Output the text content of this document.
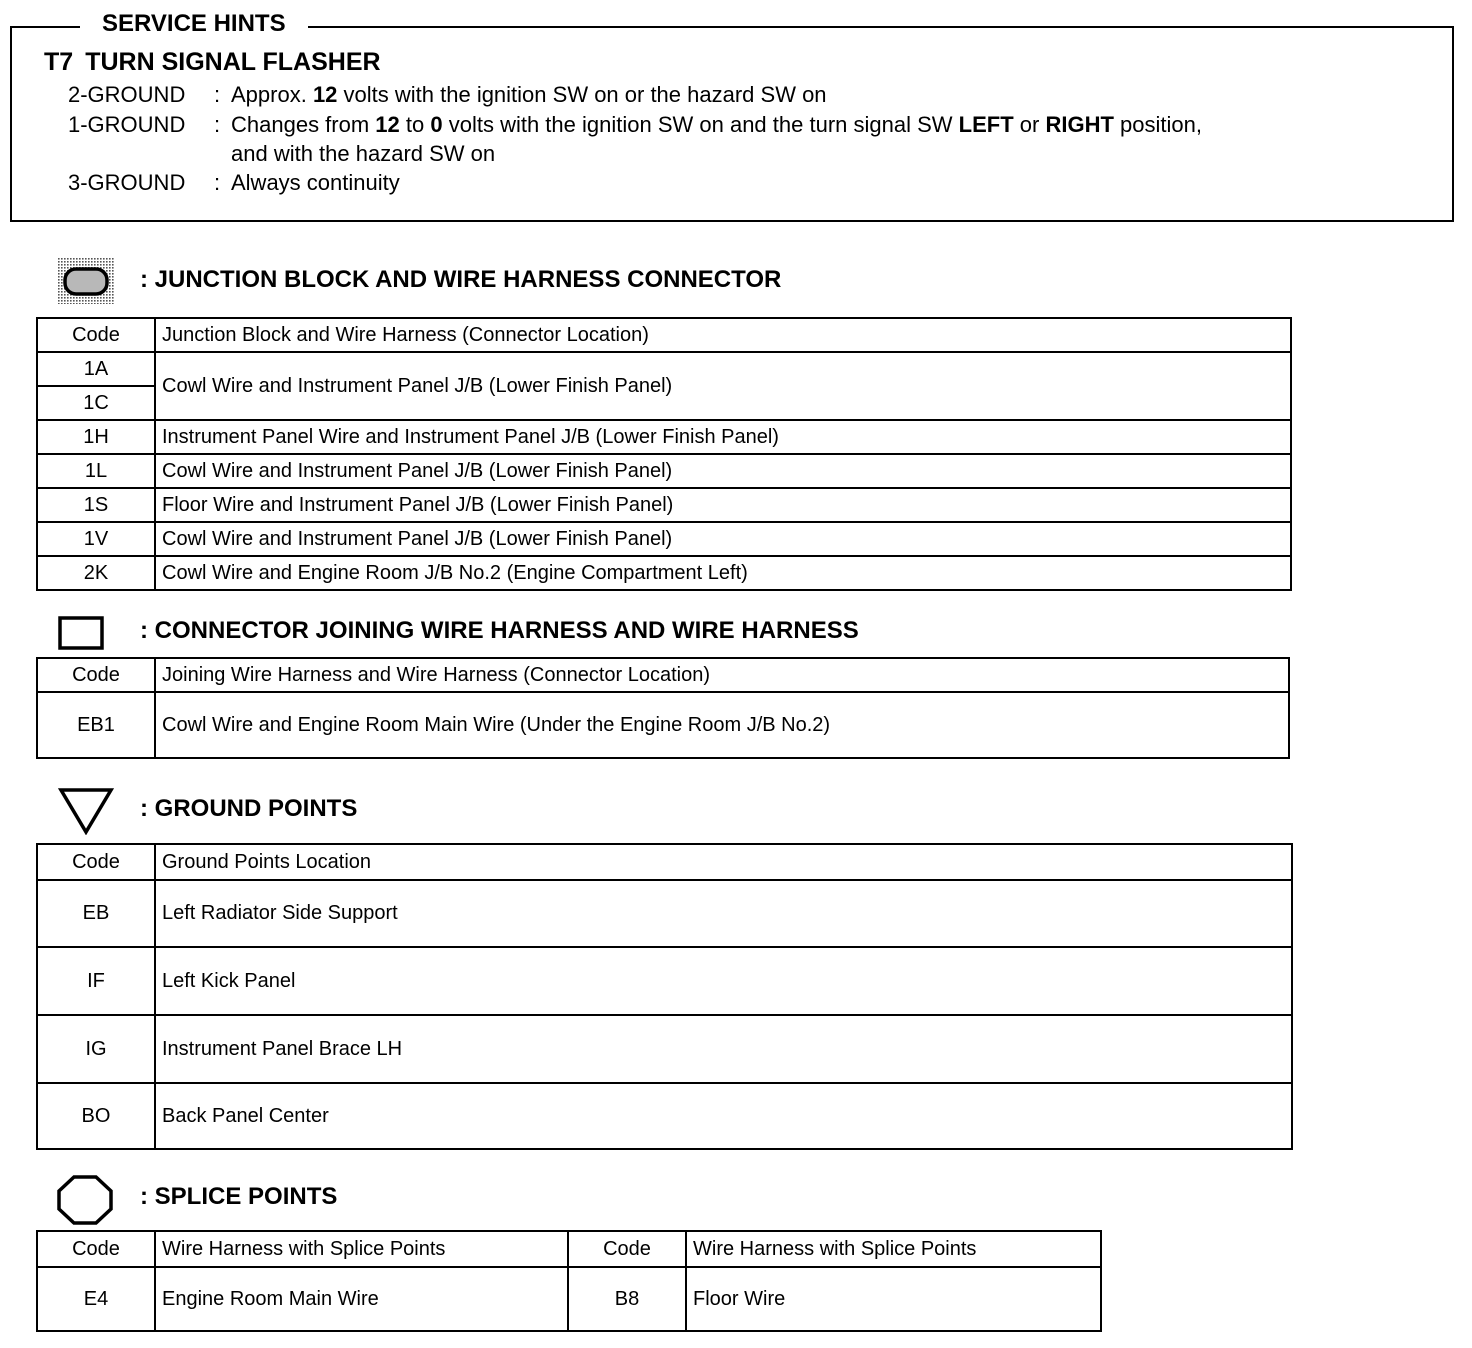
SERVICE HINTS
T7 TURN SIGNAL FLASHER
2-GROUND : Approx. 12 volts with the ignition SW on or the hazard SW on
1-GROUND : Changes from 12 to 0 volts with the ignition SW on and the turn signal SW LEFT or RIGHT position,
and with the hazard SW on
3-GROUND : Always continuity
: JUNCTION BLOCK AND WIRE HARNESS CONNECTOR
Code	Junction Block and Wire Harness (Connector Location)
1A	Cowl Wire and Instrument Panel J/B (Lower Finish Panel)
1C	
1H	Instrument Panel Wire and Instrument Panel J/B (Lower Finish Panel)
1L	Cowl Wire and Instrument Panel J/B (Lower Finish Panel)
1S	Floor Wire and Instrument Panel J/B (Lower Finish Panel)
1V	Cowl Wire and Instrument Panel J/B (Lower Finish Panel)
2K	Cowl Wire and Engine Room J/B No.2 (Engine Compartment Left)
: CONNECTOR JOINING WIRE HARNESS AND WIRE HARNESS
Code	Joining Wire Harness and Wire Harness (Connector Location)
EB1	Cowl Wire and Engine Room Main Wire (Under the Engine Room J/B No.2)
: GROUND POINTS
Code	Ground Points Location
EB	Left Radiator Side Support
IF	Left Kick Panel
IG	Instrument Panel Brace LH
BO	Back Panel Center
: SPLICE POINTS
Code	Wire Harness with Splice Points	Code	Wire Harness with Splice Points
E4	Engine Room Main Wire	B8	Floor Wire
